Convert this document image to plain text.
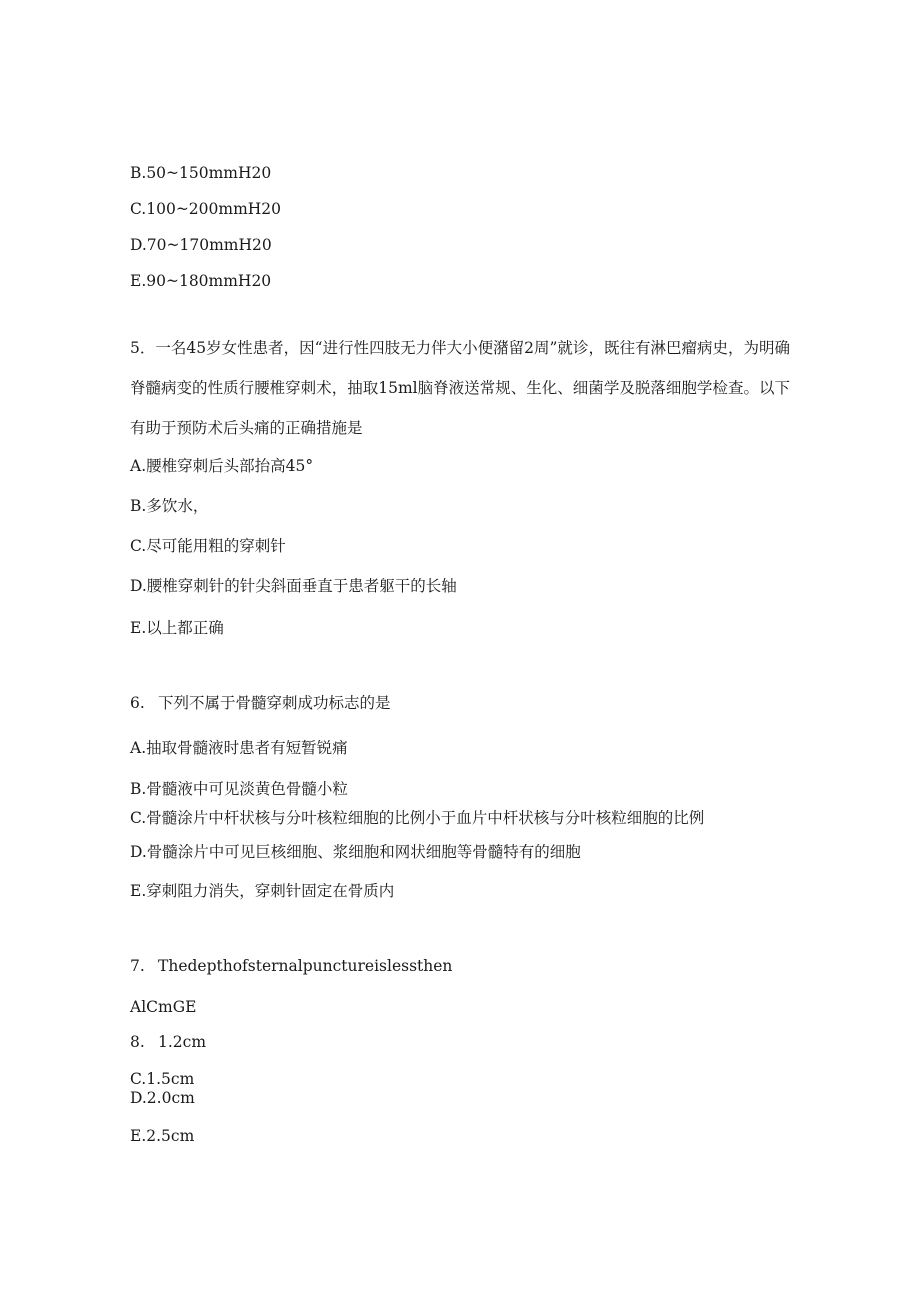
B.50~150mmH20

C.100~200mmH20

D.70~170mmH20

E.90~180mmH20

5．一名45岁女性患者，因“进行性四肢无力伴大小便潴留2周”就诊，既往有淋巴瘤病史，为明确脊髓病变的性质行腰椎穿刺术，抽取15ml脑脊液送常规、生化、细菌学及脱落细胞学检查。以下有助于预防术后头痛的正确措施是

A.腰椎穿刺后头部抬高45°

B.多饮水，

C.尽可能用粗的穿刺针

D.腰椎穿刺针的针尖斜面垂直于患者躯干的长轴

E.以上都正确

6. 下列不属于骨髓穿刺成功标志的是

A.抽取骨髓液时患者有短暂锐痛

B.骨髓液中可见淡黄色骨髓小粒

C.骨髓涂片中杆状核与分叶核粒细胞的比例小于血片中杆状核与分叶核粒细胞的比例

D.骨髓涂片中可见巨核细胞、浆细胞和网状细胞等骨髓特有的细胞

E.穿刺阻力消失，穿刺针固定在骨质内

7. Thedepthofsternalpunctureislessthen

AlCmGE

8. 1.2cm

C.1.5cm

D.2.0cm

E.2.5cm
